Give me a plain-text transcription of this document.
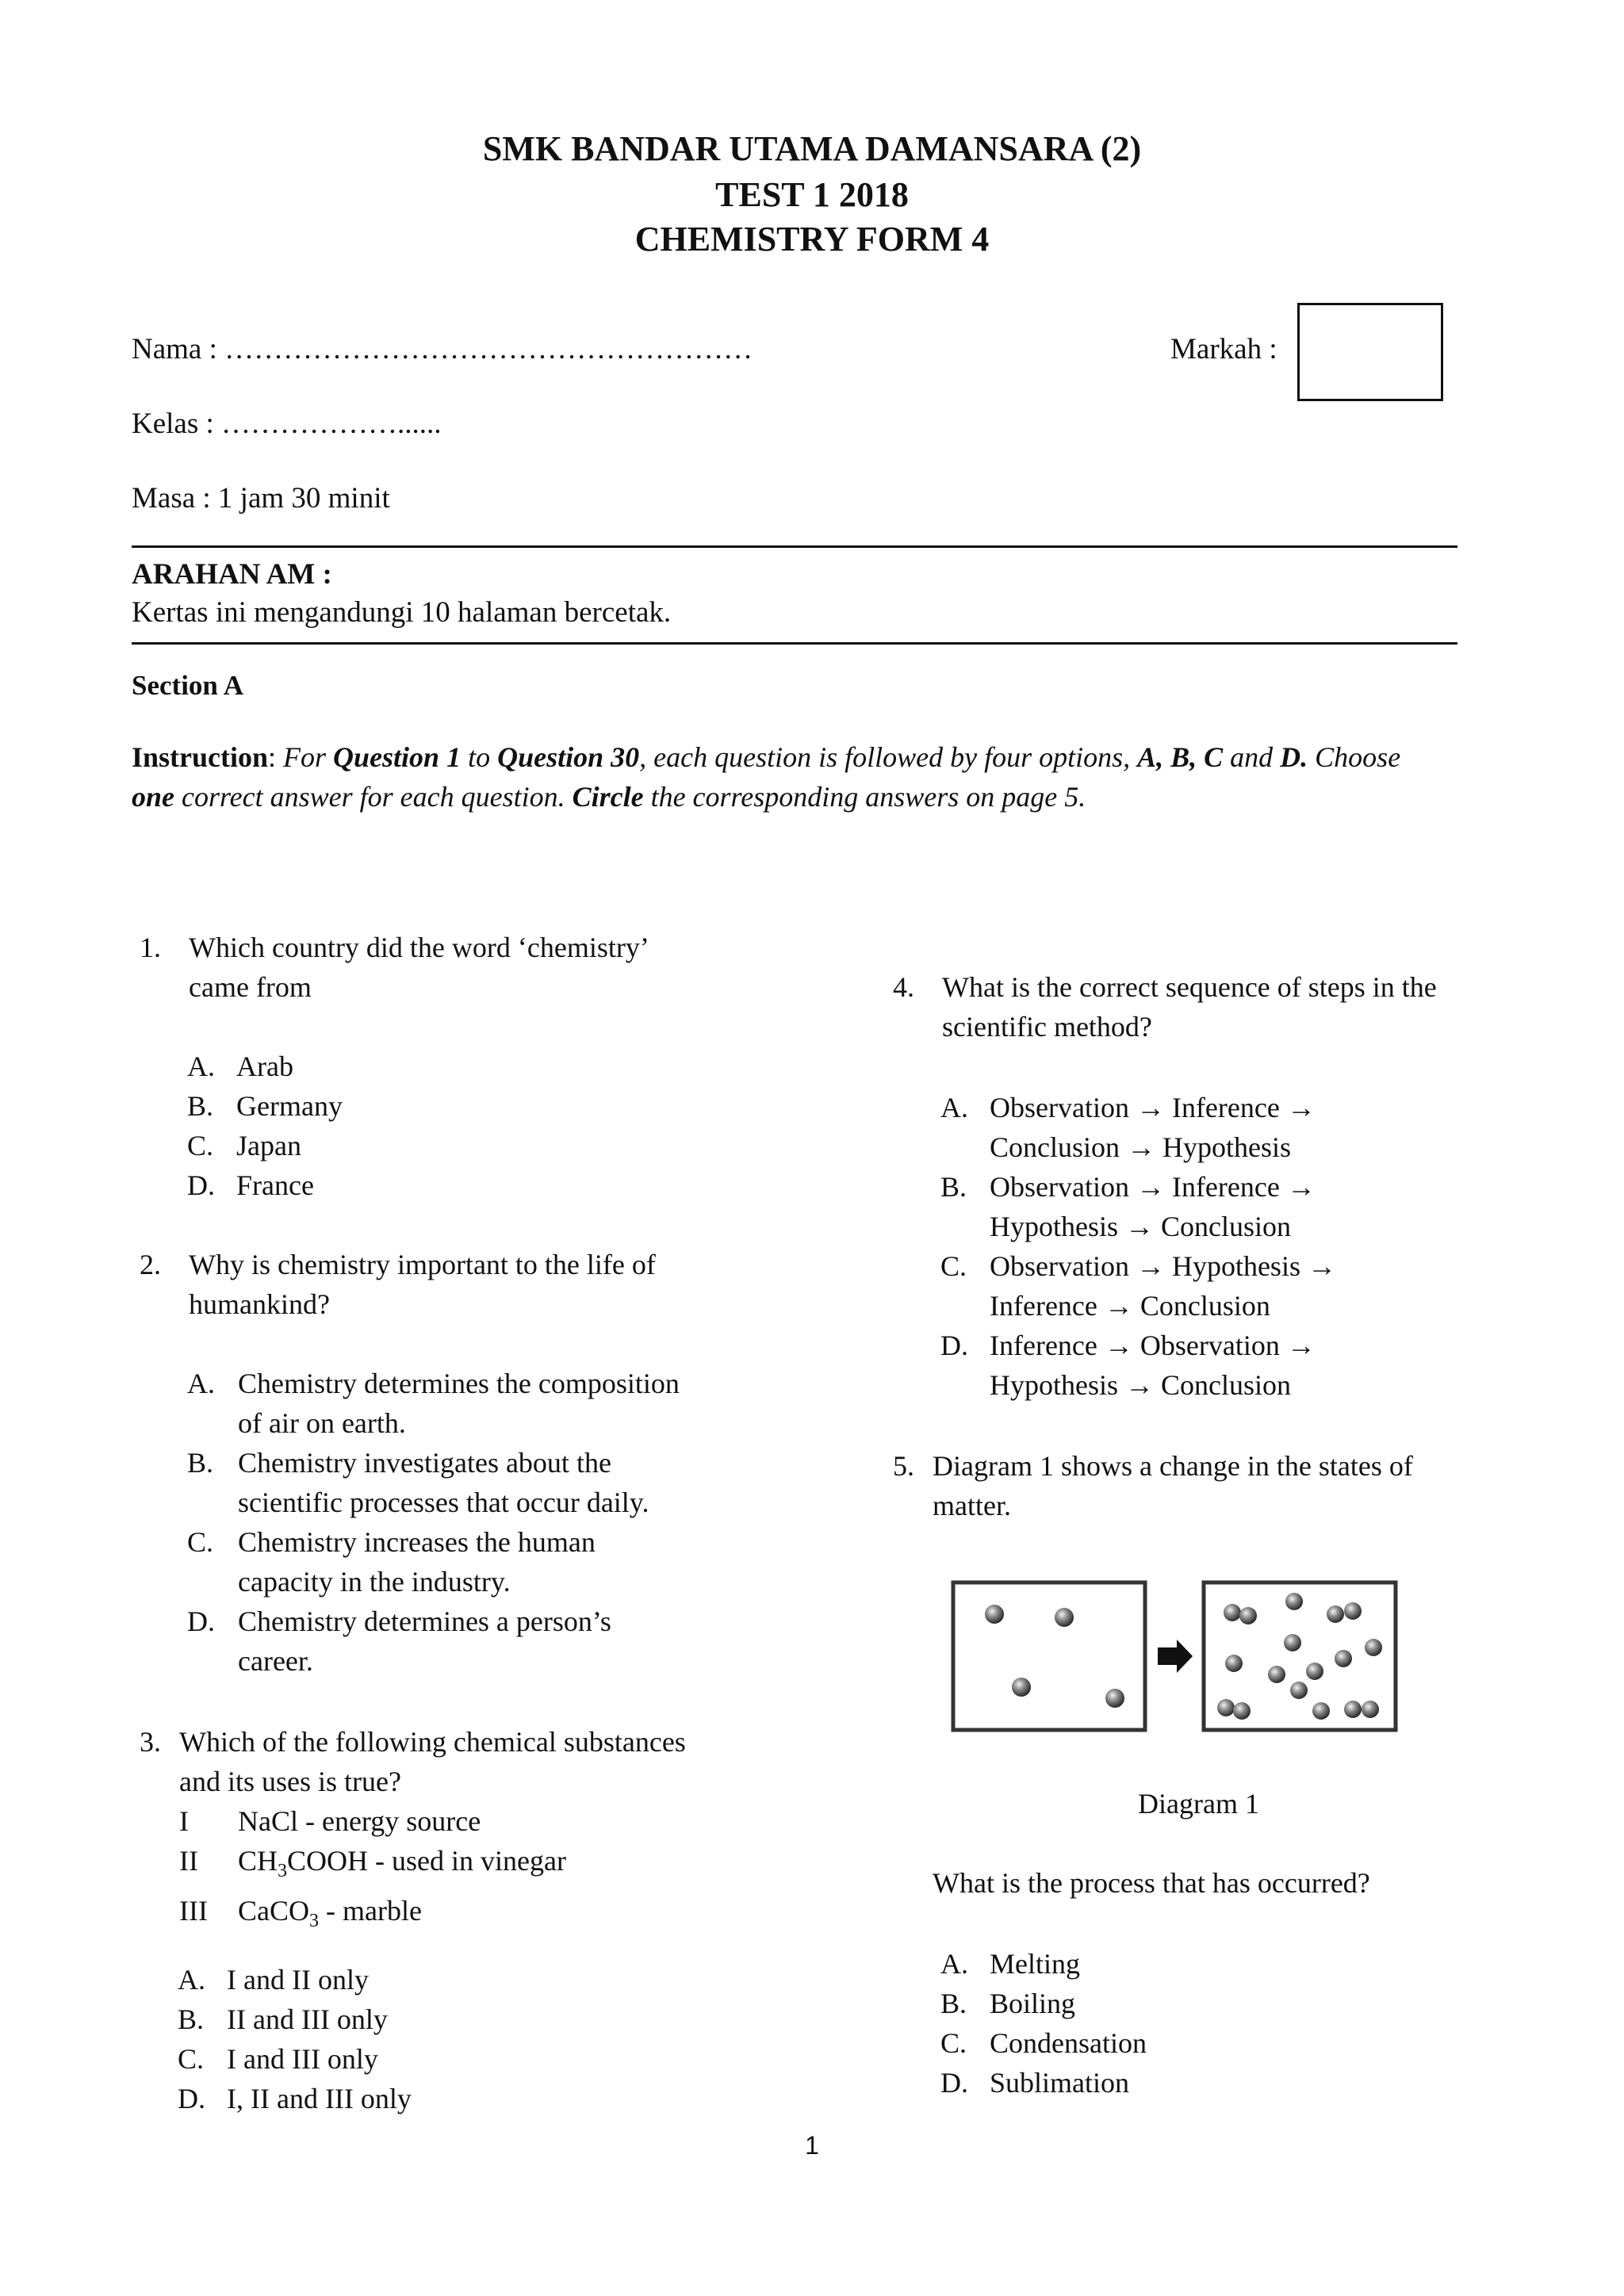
SMK BANDAR UTAMA DAMANSARA (2)
TEST 1 2018
CHEMISTRY FORM 4
Nama : ………………………………………………	Markah :
Kelas : ………………......
Masa : 1 jam 30 minit
ARAHAN AM :
Kertas ini mengandungi 10 halaman bercetak.
Section A
Instruction: For Question 1 to Question 30, each question is followed by four options, A, B, C and D. Choose
one correct answer for each question. Circle the corresponding answers on page 5.
1. Which country did the word ‘chemistry’
came from
A. Arab
B. Germany
C. Japan
D. France
2. Why is chemistry important to the life of
humankind?
A. Chemistry determines the composition
of air on earth.
B. Chemistry investigates about the
scientific processes that occur daily.
C. Chemistry increases the human
capacity in the industry.
D. Chemistry determines a person’s
career.
3. Which of the following chemical substances
and its uses is true?
I NaCl - energy source
II $CH_3COOH$ - used in vinegar
III CaCO$_3$ - marble
A. I and II only
B. II and III only
C. I and III only
D. I, II and III only
4. What is the correct sequence of steps in the
scientific method?
A. Observation → Inference →
Conclusion → Hypothesis
B. Observation → Inference →
Hypothesis → Conclusion
C. Observation → Hypothesis →
Inference → Conclusion
D. Inference → Observation →
Hypothesis → Conclusion
5. Diagram 1 shows a change in the states of
matter.
Diagram 1
What is the process that has occurred?
A. Melting
B. Boiling
C. Condensation
D. Sublimation
1
